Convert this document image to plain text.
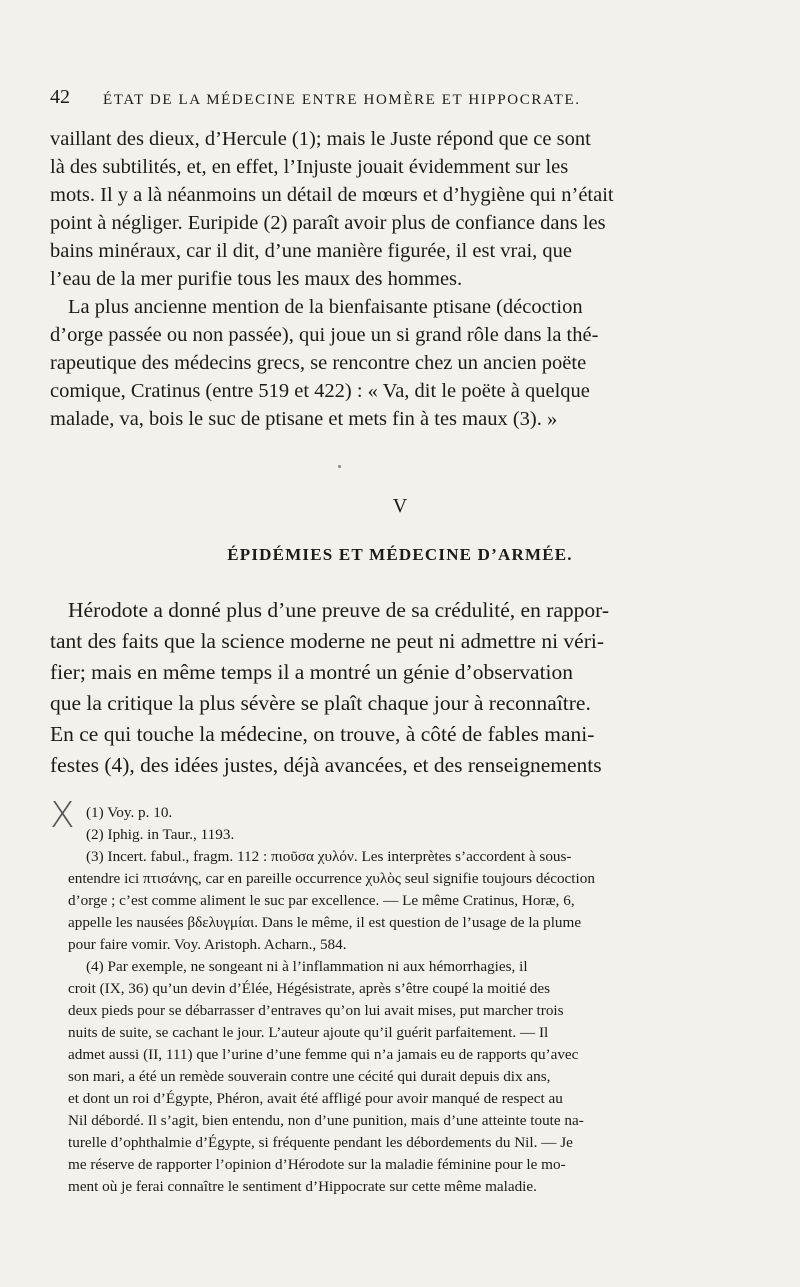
42 ÉTAT DE LA MÉDECINE ENTRE HOMÈRE ET HIPPOCRATE.
vaillant des dieux, d’Hercule (1); mais le Juste répond que ce sont
là des subtilités, et, en effet, l’Injuste jouait évidemment sur les
mots. Il y a là néanmoins un détail de mœurs et d’hygiène qui n’était
point à négliger. Euripide (2) paraît avoir plus de confiance dans les
bains minéraux, car il dit, d’une manière figurée, il est vrai, que
l’eau de la mer purifie tous les maux des hommes.
La plus ancienne mention de la bienfaisante ptisane (décoction
d’orge passée ou non passée), qui joue un si grand rôle dans la thé-
rapeutique des médecins grecs, se rencontre chez un ancien poëte
comique, Cratinus (entre 519 et 422) : « Va, dit le poëte à quelque
malade, va, bois le suc de ptisane et mets fin à tes maux (3). »
V
ÉPIDÉMIES ET MÉDECINE D’ARMÉE.
Hérodote a donné plus d’une preuve de sa crédulité, en rappor-
tant des faits que la science moderne ne peut ni admettre ni véri-
fier; mais en même temps il a montré un génie d’observation
que la critique la plus sévère se plaît chaque jour à reconnaître.
En ce qui touche la médecine, on trouve, à côté de fables mani-
festes (4), des idées justes, déjà avancées, et des renseignements
(1) Voy. p. 10.
(2) Iphig. in Taur., 1193.
(3) Incert. fabul., fragm. 112 : πιοῦσα χυλόν. Les interprètes s’accordent à sous-
entendre ici πτισάνης, car en pareille occurrence χυλὸς seul signifie toujours décoction
d’orge ; c’est comme aliment le suc par excellence. — Le même Cratinus, Horæ, 6,
appelle les nausées βδελυγμίαι. Dans le même, il est question de l’usage de la plume
pour faire vomir. Voy. Aristoph. Acharn., 584.
(4) Par exemple, ne songeant ni à l’inflammation ni aux hémorrhagies, il
croit (IX, 36) qu’un devin d’Élée, Hégésistrate, après s’être coupé la moitié des
deux pieds pour se débarrasser d’entraves qu’on lui avait mises, put marcher trois
nuits de suite, se cachant le jour. L’auteur ajoute qu’il guérit parfaitement. — Il
admet aussi (II, 111) que l’urine d’une femme qui n’a jamais eu de rapports qu’avec
son mari, a été un remède souverain contre une cécité qui durait depuis dix ans,
et dont un roi d’Égypte, Phéron, avait été affligé pour avoir manqué de respect au
Nil débordé. Il s’agit, bien entendu, non d’une punition, mais d’une atteinte toute na-
turelle d’ophthalmie d’Égypte, si fréquente pendant les débordements du Nil. — Je
me réserve de rapporter l’opinion d’Hérodote sur la maladie féminine pour le mo-
ment où je ferai connaître le sentiment d’Hippocrate sur cette même maladie.
X
